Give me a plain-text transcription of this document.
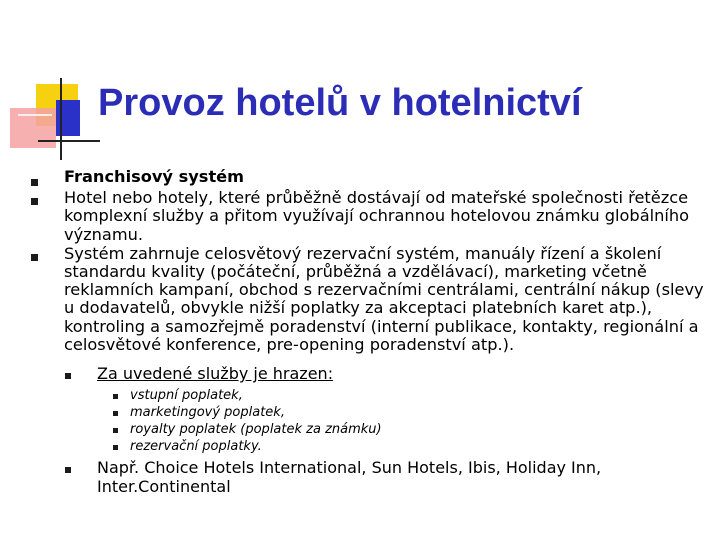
Provoz hotelů v hotelnictví
Franchisový systém
Hotel nebo hotely, které průběžně dostávají od mateřské společnosti řetězce komplexní služby a přitom využívají ochrannou hotelovou známku globálního významu.
Systém zahrnuje celosvětový rezervační systém, manuály řízení a školení standardu kvality (počáteční, průběžná a vzdělávací), marketing včetně reklamních kampaní, obchod s rezervačními centrálami, centrální nákup (slevy u dodavatelů, obvykle nižší poplatky za akceptaci platebních karet atp.), kontroling a samozřejmě poradenství (interní publikace, kontakty, regionální a celosvětové konference, pre-opening poradenství atp.).
Za uvedené služby je hrazen:
vstupní poplatek,
marketingový poplatek,
royalty poplatek (poplatek za známku)
rezervační poplatky.
Např. Choice Hotels International, Sun Hotels, Ibis, Holiday Inn, Inter.Continental
